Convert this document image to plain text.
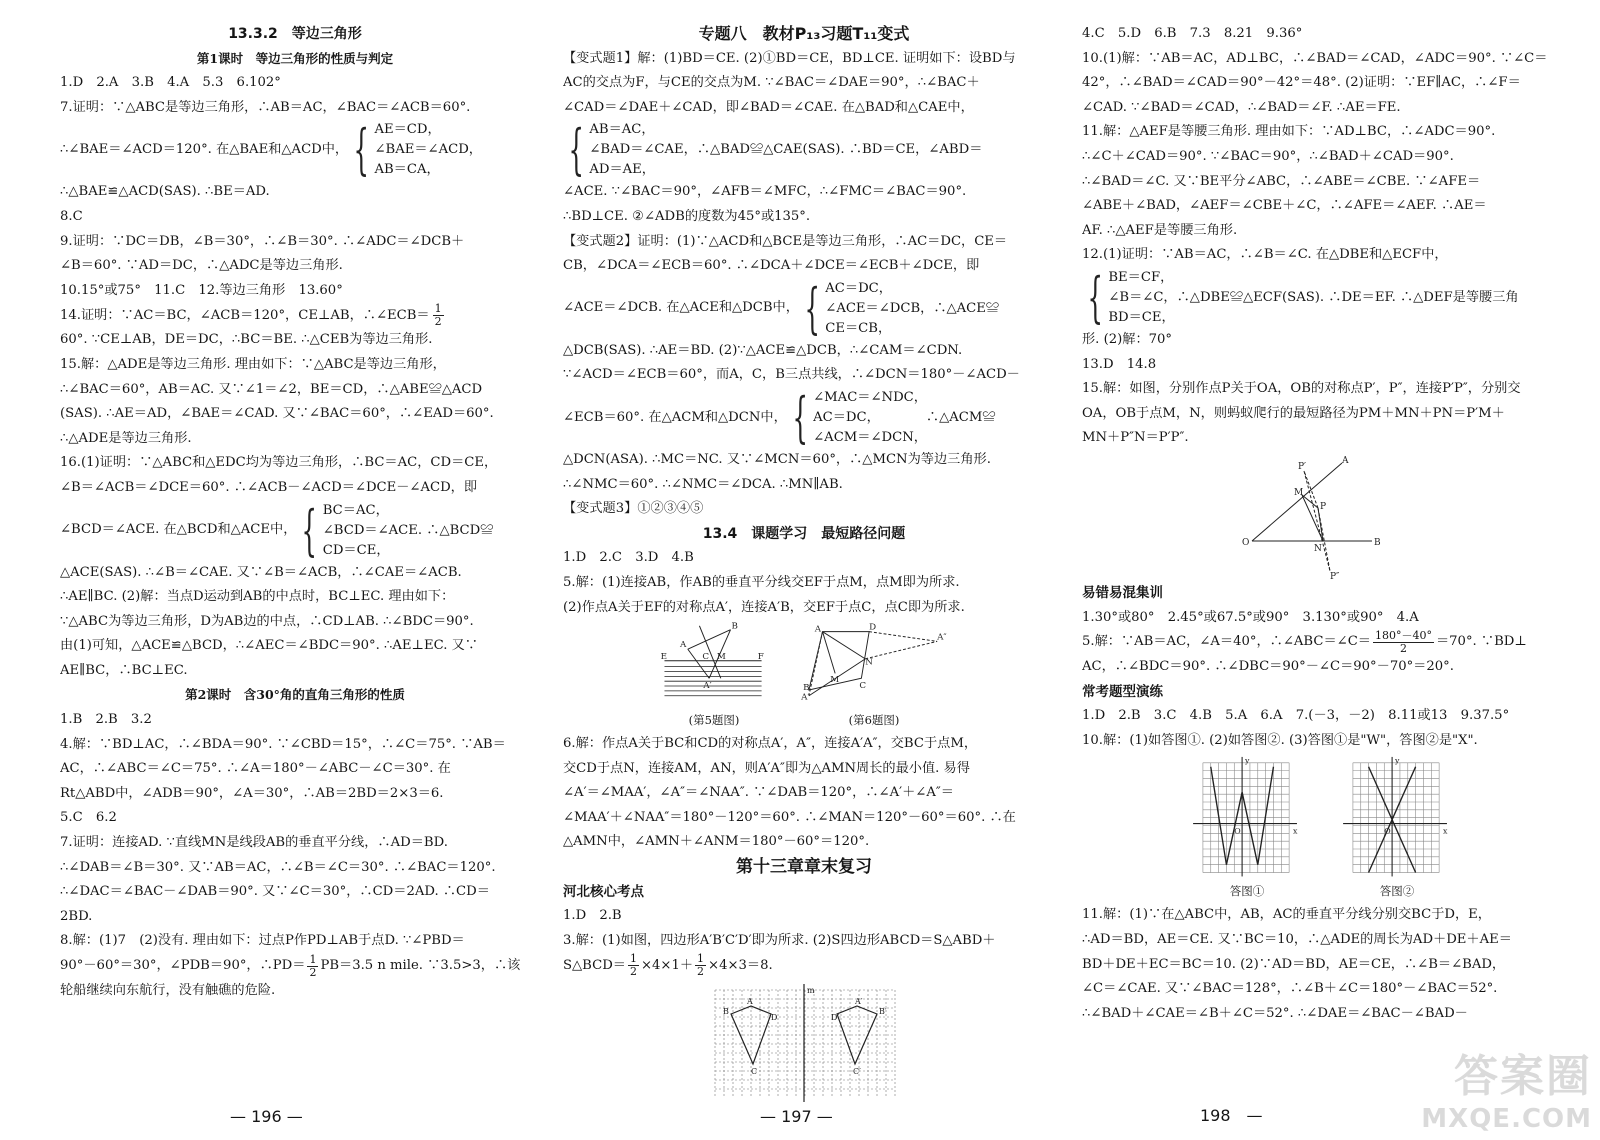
13.3.2　等边三角形
第1课时　等边三角形的性质与判定
1.D　2.A　3.B　4.A　5.3　6.102°
7.证明：∵△ABC是等边三角形，∴AB＝AC，∠BAC＝∠ACB＝60°.
∴∠BAE＝∠ACD＝120°. 在△BAE和△ACD中， { AE＝CD，
∠BAE＝∠ACD，
AB＝CA，
∴△BAE≌△ACD(SAS). ∴BE＝AD.
8.C
9.证明：∵DC＝DB，∠B＝30°，∴∠B＝30°. ∴∠ADC＝∠DCB＋
∠B＝60°. ∵AD＝DC，∴△ADC是等边三角形.
10.15°或75°　11.C　12.等边三角形　13.60°
14.证明：∵AC＝BC，∠ACB＝120°，CE⊥AB，∴∠ECB＝ $\frac{1}{2}$
60°. ∵CE⊥AB，DE＝DC，∴BC＝BE. ∴△CEB为等边三角形.
15.解：△ADE是等边三角形. 理由如下：∵△ABC是等边三角形，
∴∠BAC＝60°，AB＝AC. 又∵∠1＝∠2，BE＝CD，∴△ABE≌△ACD
(SAS). ∴AE＝AD，∠BAE＝∠CAD. 又∵∠BAC＝60°，∴∠EAD＝60°.
∴△ADE是等边三角形.
16.(1)证明：∵△ABC和△EDC均为等边三角形，∴BC＝AC，CD＝CE，
∠B＝∠ACB＝∠DCE＝60°. ∴∠ACB－∠ACD＝∠DCE－∠ACD，即
∠BCD＝∠ACE. 在△BCD和△ACE中， { BC＝AC，
∠BCD＝∠ACE. ∴△BCD≌
CD＝CE，
△ACE(SAS). ∴∠B＝∠CAE. 又∵∠B＝∠ACB，∴∠CAE＝∠ACB.
∴AE∥BC. (2)解：当点D运动到AB的中点时，BC⊥EC. 理由如下：
∵△ABC为等边三角形，D为AB边的中点，∴CD⊥AB. ∴∠BDC＝90°.
由(1)可知，△ACE≌△BCD，∴∠AEC＝∠BDC＝90°. ∴AE⊥EC. 又∵
AE∥BC，∴BC⊥EC.
第2课时　含30°角的直角三角形的性质
1.B　2.B　3.2
4.解：∵BD⊥AC，∴∠BDA＝90°. ∵∠CBD＝15°，∴∠C＝75°. ∵AB＝
AC，∴∠ABC＝∠C＝75°. ∴∠A＝180°－∠ABC－∠C＝30°. 在
Rt△ABD中，∠ADB＝90°，∠A＝30°，∴AB＝2BD＝2×3＝6.
5.C　6.2
7.证明：连接AD. ∵直线MN是线段AB的垂直平分线，∴AD＝BD.
∴∠DAB＝∠B＝30°. 又∵AB＝AC，∴∠B＝∠C＝30°. ∴∠BAC＝120°.
∴∠DAC＝∠BAC－∠DAB＝90°. 又∵∠C＝30°，∴CD＝2AD. ∴CD＝
2BD.
8.解：(1)7　(2)没有. 理由如下：过点P作PD⊥AB于点D. ∵∠PBD＝
90°－60°＝30°，∠PDB＝90°，∴PD＝ $\frac{1}{2} PB=3.5$ n mile. ∵3.5>3，∴该
轮船继续向东航行，没有触礁的危险.
— 196 —
专题八　教材P₁₃习题T₁₁变式
【变式题1】解：(1)BD＝CE. (2)①BD＝CE，BD⊥CE. 证明如下：设BD与
AC的交点为F，与CE的交点为M. ∵∠BAC＝∠DAE＝90°，∴∠BAC＋
∠CAD＝∠DAE＋∠CAD，即∠BAD＝∠CAE. 在△BAD和△CAE中，
{ AB＝AC，
∠BAD＝∠CAE，∴△BAD≌△CAE(SAS). ∴BD＝CE，∠ABD＝
AD＝AE，
∠ACE. ∵∠BAC＝90°，∠AFB＝∠MFC，∴∠FMC＝∠BAC＝90°.
∴BD⊥CE. ②∠ADB的度数为45°或135°.
【变式题2】证明：(1)∵△ACD和△BCE是等边三角形，∴AC＝DC，CE＝
CB，∠DCA＝∠ECB＝60°. ∴∠DCA＋∠DCE＝∠ECB＋∠DCE，即
∠ACE＝∠DCB. 在△ACE和△DCB中， { AC＝DC，
∠ACE＝∠DCB，∴△ACE≌
CE＝CB，
△DCB(SAS). ∴AE＝BD. (2)∵△ACE≌△DCB，∴∠CAM＝∠CDN.
∵∠ACD＝∠ECB＝60°，而A，C，B三点共线，∴∠DCN＝180°－∠ACD－
∠ECB＝60°. 在△ACM和△DCN中， { ∠MAC＝∠NDC，
AC＝DC，　　　　∴△ACM≌
∠ACM＝∠DCN，
△DCN(ASA). ∴MC＝NC. 又∵∠MCN＝60°，∴△MCN为等边三角形.
∴∠NMC＝60°. ∴∠NMC＝∠DCA. ∴MN∥AB.
【变式题3】①②③④⑤
13.4　课题学习　最短路径问题
1.D　2.C　3.D　4.B
5.解：(1)连接AB，作AB的垂直平分线交EF于点M，点M即为所求.
(2)作点A关于EF的对称点A′，连接A′B，交EF于点C，点C即为所求.
E	F
A
B
C M
A′
(第5题图)
A	D
A′
A″
N
M
C
B
(第6题图)
6.解：作点A关于BC和CD的对称点A′，A″，连接A′A″，交BC于点M，
交CD于点N，连接AM，AN，则A′A″即为△AMN周长的最小值. 易得
∠A′＝∠MAA′，∠A″＝∠NAA″. ∵∠DAB＝120°，∴∠A′＋∠A″＝
∠MAA′＋∠NAA″＝180°－120°＝60°. ∴∠MAN＝120°－60°＝60°. ∴在
△AMN中，∠AMN＋∠ANM＝180°－60°＝120°.
第十三章章末复习
河北核心考点
1.D　2.B
3.解：(1)如图，四边形A′B′C′D′即为所求. (2)S四边形ABCD＝S△ABD＋
S△BCD＝ $\frac{1}{2} \times 4\times 1+ \frac{1}{2} \times 4\times 3=8$.
m
B
A
D
C
D′
A′
B′
C′
— 197 —
4.C　5.D　6.B　7.3　8.21　9.36°
10.(1)解：∵AB＝AC，AD⊥BC，∴∠BAD＝∠CAD，∠ADC＝90°. ∵∠C＝
42°，∴∠BAD＝∠CAD＝90°－42°＝48°. (2)证明：∵EF∥AC，∴∠F＝
∠CAD. ∵∠BAD＝∠CAD，∴∠BAD＝∠F. ∴AE＝FE.
11.解：△AEF是等腰三角形. 理由如下：∵AD⊥BC，∴∠ADC＝90°.
∴∠C＋∠CAD＝90°. ∵∠BAC＝90°，∴∠BAD＋∠CAD＝90°.
∴∠BAD＝∠C. 又∵BE平分∠ABC，∴∠ABE＝∠CBE. ∵∠AFE＝
∠ABE＋∠BAD，∠AEF＝∠CBE＋∠C，∴∠AFE＝∠AEF. ∴AE＝
AF. ∴△AEF是等腰三角形.
12.(1)证明：∵AB＝AC，∴∠B＝∠C. 在△DBE和△ECF中，
{ BE＝CF，
∠B＝∠C，∴△DBE≌△ECF(SAS). ∴DE＝EF. ∴△DEF是等腰三角
BD＝CE，
形. (2)解：70°
13.D　14.8
15.解：如图，分别作点P关于OA，OB的对称点P′，P″，连接P′P″，分别交
OA，OB于点M，N，则蚂蚁爬行的最短路径为PM＋MN＋PN＝P′M＋
MN＋P″N＝P′P″.
O
A
B
P
M
N
P′
P″
易错易混集训
1.30°或80°　2.45°或67.5°或90°　3.130°或90°　4.A
5.解：∵AB＝AC，∠A＝40°，∴∠ABC＝∠C＝ $\frac{180^\circ-40^\circ}{2} =70^\circ$. ∵BD⊥
AC，∴∠BDC＝90°. ∴∠DBC＝90°－∠C＝90°－70°＝20°.
常考题型演练
1.D　2.B　3.C　4.B　5.A　6.A　7.(－3，－2)　8.11或13　9.37.5°
10.解：(1)如答图①. (2)如答图②. (3)答图①是"W"，答图②是"X".
y
x
O
答图①
y
x
O
答图②
11.解：(1)∵在△ABC中，AB，AC的垂直平分线分别交BC于D，E，
∴AD＝BD，AE＝CE. 又∵BC＝10，∴△ADE的周长为AD＋DE＋AE＝
BD＋DE＋EC＝BC＝10. (2)∵AD＝BD，AE＝CE，∴∠B＝∠BAD，
∠C＝∠CAE. 又∵∠BAC＝128°，∴∠B＋∠C＝180°－∠BAC＝52°.
∴∠BAD＋∠CAE＝∠B＋∠C＝52°. ∴∠DAE＝∠BAC－∠BAD－
198　—
答案圈
MXQE.COM
